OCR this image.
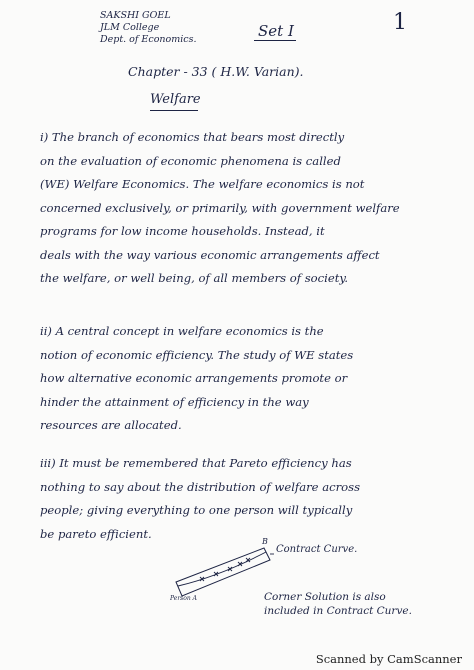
SAKSHI GOEL
JLM College
Dept. of Economics.	Set I	1
Chapter - 33 ( H.W. Varian).
Welfare
i) The branch of economics that bears most directly
on the evaluation of economic phenomena is called
(WE) Welfare Economics. The welfare economics is not
concerned exclusively, or primarily, with government welfare
programs for low income households. Instead, it
deals with the way various economic arrangements affect
the welfare, or well being, of all members of society.
ii) A central concept in welfare economics is the
notion of economic efficiency. The study of WE states
how alternative economic arrangements promote or
hinder the attainment of efficiency in the way
resources are allocated.
iii) It must be remembered that Pareto efficiency has
nothing to say about the distribution of welfare across
people; giving everything to one person will typically
be pareto efficient.
B
Person A
Contract Curve.
Corner Solution is also
included in Contract Curve.
Scanned by CamScanner
